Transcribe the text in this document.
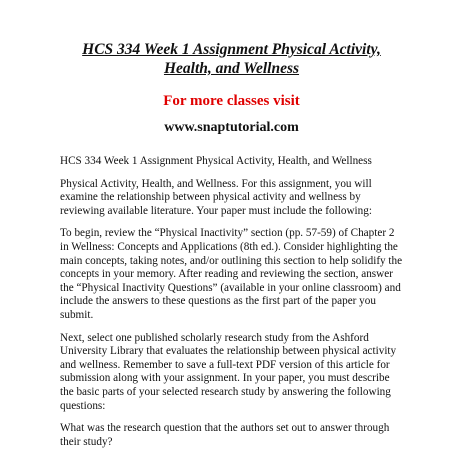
HCS 334 Week 1 Assignment Physical Activity, Health, and Wellness
For more classes visit
www.snaptutorial.com

HCS 334 Week 1 Assignment Physical Activity, Health, and Wellness

Physical Activity, Health, and Wellness. For this assignment, you will examine the relationship between physical activity and wellness by reviewing available literature. Your paper must include the following:

To begin, review the “Physical Inactivity” section (pp. 57-59) of Chapter 2 in Wellness: Concepts and Applications (8th ed.). Consider highlighting the main concepts, taking notes, and/or outlining this section to help solidify the concepts in your memory. After reading and reviewing the section, answer the “Physical Inactivity Questions” (available in your online classroom) and include the answers to these questions as the first part of the paper you submit.

Next, select one published scholarly research study from the Ashford University Library that evaluates the relationship between physical activity and wellness. Remember to save a full-text PDF version of this article for submission along with your assignment. In your paper, you must describe the basic parts of your selected research study by answering the following questions:

What was the research question that the authors set out to answer through their study?
